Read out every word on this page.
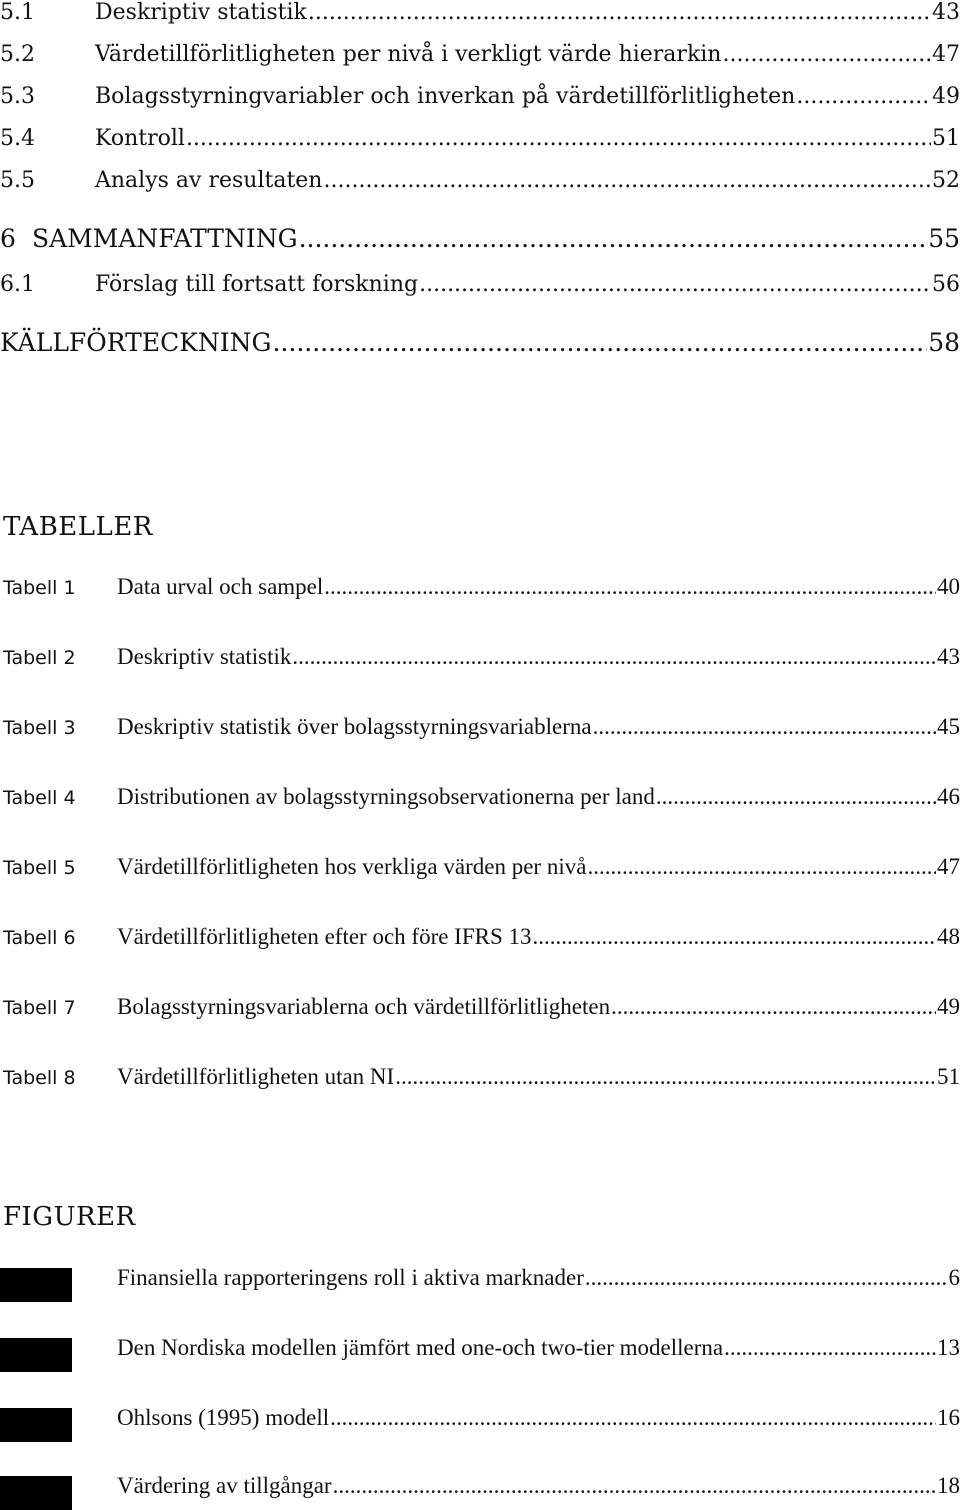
5.1	Deskriptiv statistik .....	43
5.2	Värdetillförlitligheten per nivå i verkligt värde hierarkin .....	47
5.3	Bolagsstyrningvariabler och inverkan på värdetillförlitligheten .....	49
5.4	Kontroll .....	51
5.5	Analys av resultaten .....	52
6 SAMMANFATTNING .....	55
6.1	Förslag till fortsatt forskning .....	56
KÄLLFÖRTECKNING .....	58
TABELLER
Tabell 1	Data urval och sampel .....	40
Tabell 2	Deskriptiv statistik .....	43
Tabell 3	Deskriptiv statistik över bolagsstyrningsvariablerna .....	45
Tabell 4	Distributionen av bolagsstyrningsobservationerna per land .....	46
Tabell 5	Värdetillförlitligheten hos verkliga värden per nivå .....	47
Tabell 6	Värdetillförlitligheten efter och före IFRS 13 .....	48
Tabell 7	Bolagsstyrningsvariablerna och värdetillförlitligheten .....	49
Tabell 8	Värdetillförlitligheten utan NI .....	51
FIGURER
Finansiella rapporteringens roll i aktiva marknader .....	6
Den Nordiska modellen jämfört med one-och two-tier modellerna .....	13
Ohlsons (1995) modell .....	16
Värdering av tillgångar .....	18
